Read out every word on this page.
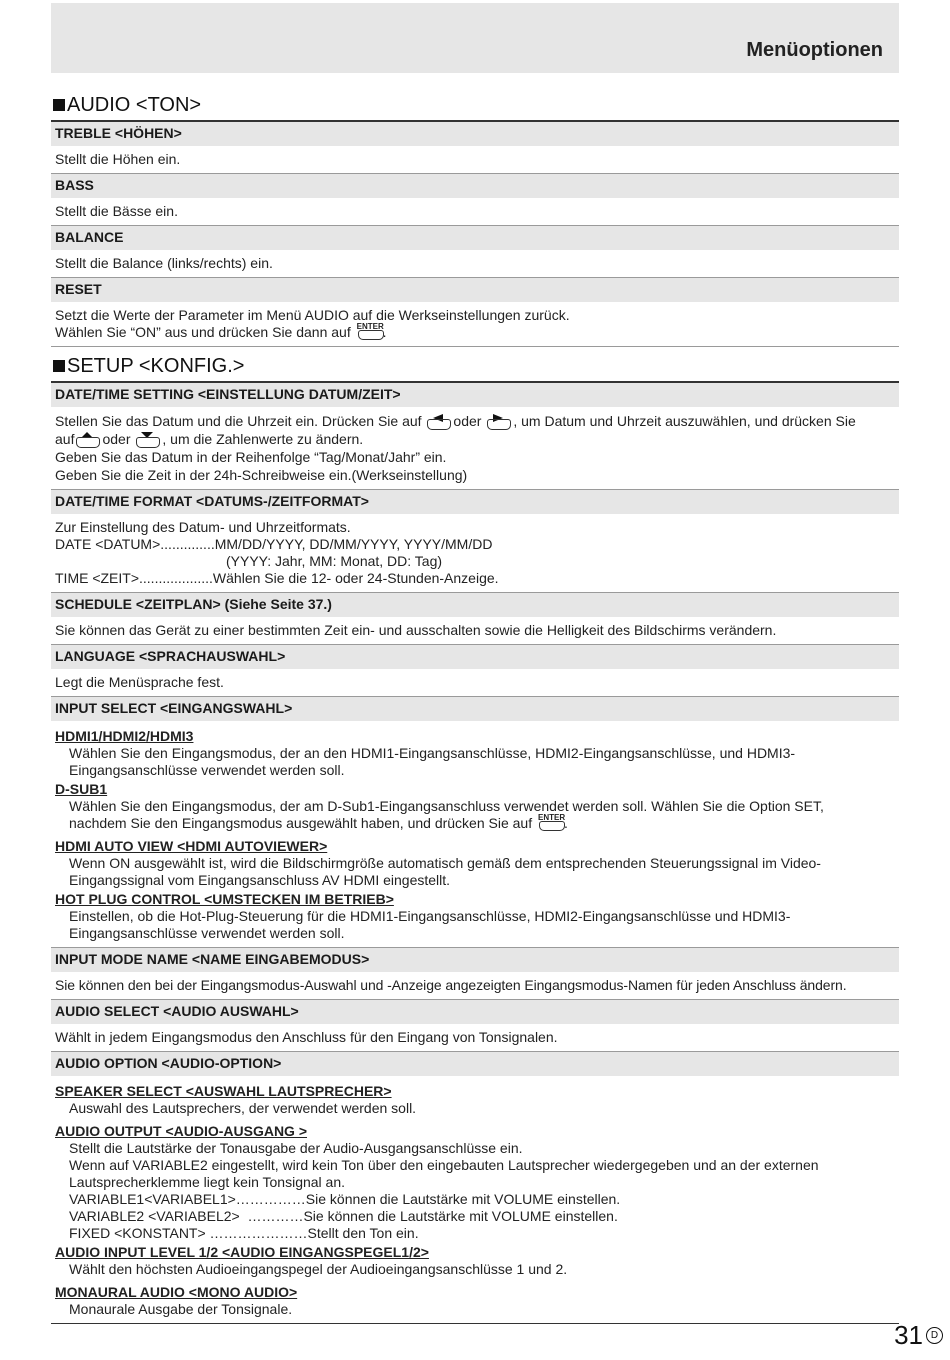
Menüoptionen
AUDIO <TON>
TREBLE <HÖHEN>
Stellt die Höhen ein.
BASS
Stellt die Bässe ein.
BALANCE
Stellt die Balance (links/rechts) ein.
RESET
Setzt die Werte der Parameter im Menü AUDIO auf die Werkseinstellungen zurück.
Wählen Sie “ON” aus und drücken Sie dann auf ENTER
.
SETUP <KONFIG.>
DATE/TIME SETTING <EINSTELLUNG DATUM/ZEIT>
Stellen Sie das Datum und die Uhrzeit ein. Drücken Sie auf oder , um Datum und Uhrzeit auszuwählen, und drücken Sie
auf oder , um die Zahlenwerte zu ändern.
Geben Sie das Datum in der Reihenfolge “Tag/Monat/Jahr” ein.
Geben Sie die Zeit in der 24h-Schreibweise ein.(Werkseinstellung)
DATE/TIME FORMAT <DATUMS-/ZEITFORMAT>
Zur Einstellung des Datum- und Uhrzeitformats.
DATE <DATUM>..............MM/DD/YYYY, DD/MM/YYYY, YYYY/MM/DD
(YYYY: Jahr, MM: Monat, DD: Tag)
TIME <ZEIT>...................Wählen Sie die 12- oder 24-Stunden-Anzeige.
SCHEDULE <ZEITPLAN> (Siehe Seite 37.)
Sie können das Gerät zu einer bestimmten Zeit ein- und ausschalten sowie die Helligkeit des Bildschirms verändern.
LANGUAGE <SPRACHAUSWAHL>
Legt die Menüsprache fest.
INPUT SELECT <EINGANGSWAHL>
HDMI1/HDMI2/HDMI3
Wählen Sie den Eingangsmodus, der an den HDMI1-Eingangsanschlüsse, HDMI2-Eingangsanschlüsse, und HDMI3-
Eingangsanschlüsse verwendet werden soll.
D-SUB1
Wählen Sie den Eingangsmodus, der am D-Sub1-Eingangsanschluss verwendet werden soll. Wählen Sie die Option SET,
nachdem Sie den Eingangsmodus ausgewählt haben, und drücken Sie auf ENTER
.
HDMI AUTO VIEW <HDMI AUTOVIEWER>
Wenn ON ausgewählt ist, wird die Bildschirmgröße automatisch gemäß dem entsprechenden Steuerungssignal im Video-
Eingangssignal vom Eingangsanschluss AV HDMI eingestellt.
HOT PLUG CONTROL <UMSTECKEN IM BETRIEB>
Einstellen, ob die Hot-Plug-Steuerung für die HDMI1-Eingangsanschlüsse, HDMI2-Eingangsanschlüsse und HDMI3-
Eingangsanschlüsse verwendet werden soll.
INPUT MODE NAME <NAME EINGABEMODUS>
Sie können den bei der Eingangsmodus-Auswahl und -Anzeige angezeigten Eingangsmodus-Namen für jeden Anschluss ändern.
AUDIO SELECT <AUDIO AUSWAHL>
Wählt in jedem Eingangsmodus den Anschluss für den Eingang von Tonsignalen.
AUDIO OPTION <AUDIO-OPTION>
SPEAKER SELECT <AUSWAHL LAUTSPRECHER>
Auswahl des Lautsprechers, der verwendet werden soll.
AUDIO OUTPUT <AUDIO-AUSGANG >
Stellt die Lautstärke der Tonausgabe der Audio-Ausgangsanschlüsse ein.
Wenn auf VARIABLE2 eingestellt, wird kein Ton über den eingebauten Lautsprecher wiedergegeben und an der externen
Lautsprecherklemme liegt kein Tonsignal an.
VARIABLE1<VARIABEL1>……………Sie können die Lautstärke mit VOLUME einstellen.
VARIABLE2 <VARIABEL2>  …………Sie können die Lautstärke mit VOLUME einstellen.
FIXED <KONSTANT> …………………Stellt den Ton ein.
AUDIO INPUT LEVEL 1/2 <AUDIO EINGANGSPEGEL1/2>
Wählt den höchsten Audioeingangspegel der Audioeingangsanschlüsse 1 und 2.
MONAURAL AUDIO <MONO AUDIO>
Monaurale Ausgabe der Tonsignale.
31 D
